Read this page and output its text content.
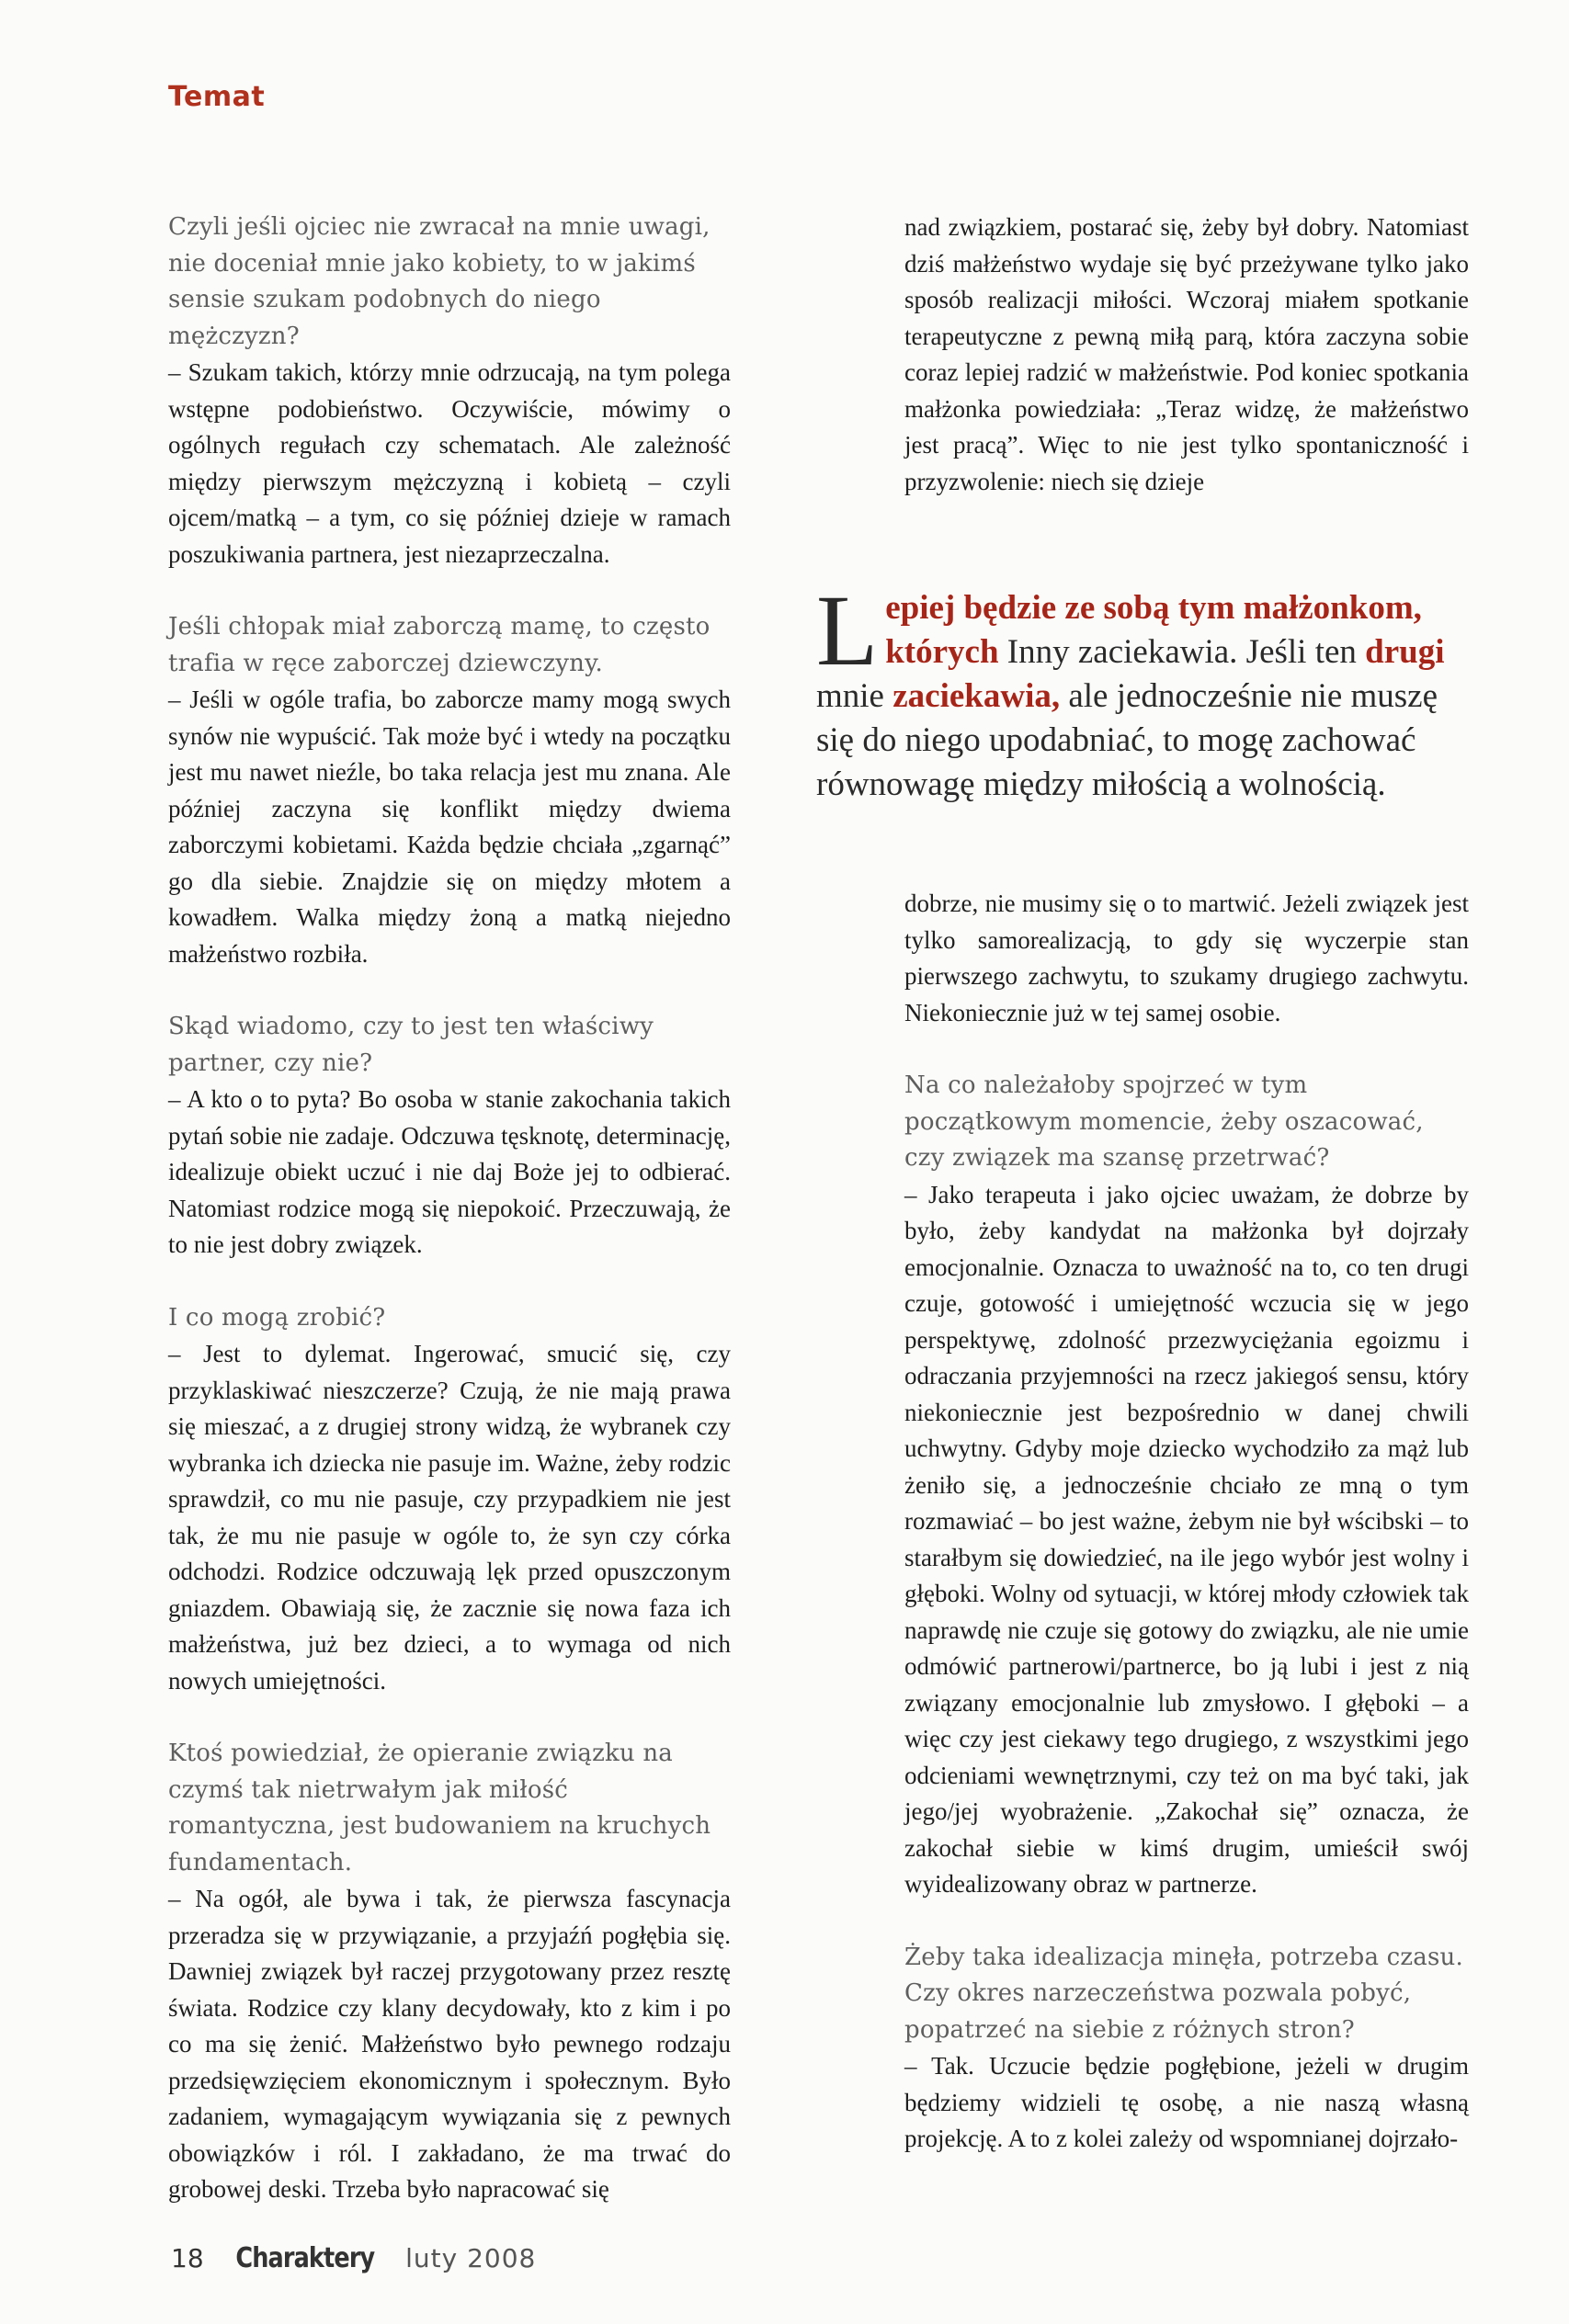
Temat

Czyli jeśli ojciec nie zwracał na mnie uwagi, nie doceniał mnie jako kobiety, to w jakimś sensie szukam podobnych do niego mężczyzn?

– Szukam takich, którzy mnie odrzucają, na tym polega wstępne podobieństwo. Oczywiście, mówimy o ogólnych regułach czy schematach. Ale zależność między pierwszym mężczyzną i kobietą – czyli ojcem/matką – a tym, co się później dzieje w ramach poszukiwania partnera, jest niezaprzeczalna.

Jeśli chłopak miał zaborczą mamę, to często trafia w ręce zaborczej dziewczyny.

– Jeśli w ogóle trafia, bo zaborcze mamy mogą swych synów nie wypuścić. Tak może być i wtedy na początku jest mu nawet nieźle, bo taka relacja jest mu znana. Ale później zaczyna się konflikt między dwiema zaborczymi kobietami. Każda będzie chciała „zgarnąć” go dla siebie. Znajdzie się on między młotem a kowadłem. Walka między żoną a matką niejedno małżeństwo rozbiła.

Skąd wiadomo, czy to jest ten właściwy partner, czy nie?

– A kto o to pyta? Bo osoba w stanie zakochania takich pytań sobie nie zadaje. Odczuwa tęsknotę, determinację, idealizuje obiekt uczuć i nie daj Boże jej to odbierać. Natomiast rodzice mogą się niepokoić. Przeczuwają, że to nie jest dobry związek.

I co mogą zrobić?

– Jest to dylemat. Ingerować, smucić się, czy przyklaskiwać nieszczerze? Czują, że nie mają prawa się mieszać, a z drugiej strony widzą, że wybranek czy wybranka ich dziecka nie pasuje im. Ważne, żeby rodzic sprawdził, co mu nie pasuje, czy przypadkiem nie jest tak, że mu nie pasuje w ogóle to, że syn czy córka odchodzi. Rodzice odczuwają lęk przed opuszczonym gniazdem. Obawiają się, że zacznie się nowa faza ich małżeństwa, już bez dzieci, a to wymaga od nich nowych umiejętności.

Ktoś powiedział, że opieranie związku na czymś tak nietrwałym jak miłość romantyczna, jest budowaniem na kruchych fundamentach.

– Na ogół, ale bywa i tak, że pierwsza fascynacja przeradza się w przywiązanie, a przyjaźń pogłębia się. Dawniej związek był raczej przygotowany przez resztę świata. Rodzice czy klany decydowały, kto z kim i po co ma się żenić. Małżeństwo było pewnego rodzaju przedsięwzięciem ekonomicznym i społecznym. Było zadaniem, wymagającym wywiązania się z pewnych obowiązków i ról. I zakładano, że ma trwać do grobowej deski. Trzeba było napracować się

nad związkiem, postarać się, żeby był dobry. Natomiast dziś małżeństwo wydaje się być przeżywane tylko jako sposób realizacji miłości. Wczoraj miałem spotkanie terapeutyczne z pewną miłą parą, która zaczyna sobie coraz lepiej radzić w małżeństwie. Pod koniec spotkania małżonka powiedziała: „Teraz widzę, że małżeństwo jest pracą”. Więc to nie jest tylko spontaniczność i przyzwolenie: niech się dzieje

Lepiej będzie ze sobą tym małżonkom, których Inny zaciekawia. Jeśli ten drugi mnie zaciekawia, ale jednocześnie nie muszę się do niego upodabniać, to mogę zachować równowagę między miłością a wolnością.

dobrze, nie musimy się o to martwić. Jeżeli związek jest tylko samorealizacją, to gdy się wyczerpie stan pierwszego zachwytu, to szukamy drugiego zachwytu. Niekoniecznie już w tej samej osobie.

Na co należałoby spojrzeć w tym początkowym momencie, żeby oszacować, czy związek ma szansę przetrwać?

– Jako terapeuta i jako ojciec uważam, że dobrze by było, żeby kandydat na małżonka był dojrzały emocjonalnie. Oznacza to uważność na to, co ten drugi czuje, gotowość i umiejętność wczucia się w jego perspektywę, zdolność przezwyciężania egoizmu i odraczania przyjemności na rzecz jakiegoś sensu, który niekoniecznie jest bezpośrednio w danej chwili uchwytny. Gdyby moje dziecko wychodziło za mąż lub żeniło się, a jednocześnie chciało ze mną o tym rozmawiać – bo jest ważne, żebym nie był wścibski – to starałbym się dowiedzieć, na ile jego wybór jest wolny i głęboki. Wolny od sytuacji, w której młody człowiek tak naprawdę nie czuje się gotowy do związku, ale nie umie odmówić partnerowi/partnerce, bo ją lubi i jest z nią związany emocjonalnie lub zmysłowo. I głęboki – a więc czy jest ciekawy tego drugiego, z wszystkimi jego odcieniami wewnętrznymi, czy też on ma być taki, jak jego/jej wyobrażenie. „Zakochał się” oznacza, że zakochał siebie w kimś drugim, umieścił swój wyidealizowany obraz w partnerze.

Żeby taka idealizacja minęła, potrzeba czasu. Czy okres narzeczeństwa pozwala pobyć, popatrzeć na siebie z różnych stron?

– Tak. Uczucie będzie pogłębione, jeżeli w drugim będziemy widzieli tę osobę, a nie naszą własną projekcję. A to z kolei zależy od wspomnianej dojrzało-

18 Charaktery luty 2008
